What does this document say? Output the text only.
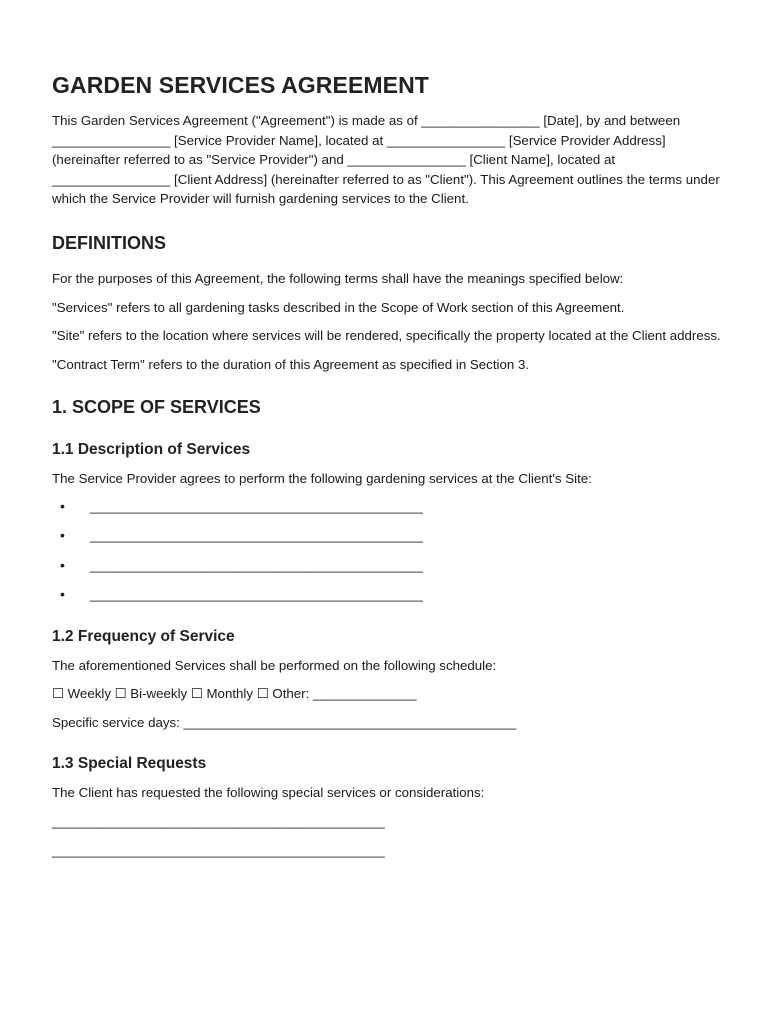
GARDEN SERVICES AGREEMENT

This Garden Services Agreement ("Agreement") is made as of ________________ [Date], by and between ________________ [Service Provider Name], located at ________________ [Service Provider Address] (hereinafter referred to as "Service Provider") and ________________ [Client Name], located at ________________ [Client Address] (hereinafter referred to as "Client"). This Agreement outlines the terms under which the Service Provider will furnish gardening services to the Client.

DEFINITIONS

For the purposes of this Agreement, the following terms shall have the meanings specified below:

"Services" refers to all gardening tasks described in the Scope of Work section of this Agreement.

"Site" refers to the location where services will be rendered, specifically the property located at the Client address.

"Contract Term" refers to the duration of this Agreement as specified in Section 3.

1. SCOPE OF SERVICES
1.1 Description of Services

The Service Provider agrees to perform the following gardening services at the Client's Site:

• _____________________________________________
• _____________________________________________
• _____________________________________________
• _____________________________________________
1.2 Frequency of Service

The aforementioned Services shall be performed on the following schedule:

☐ Weekly ☐ Bi-weekly ☐ Monthly ☐ Other: ______________

Specific service days: _____________________________________________

1.3 Special Requests

The Client has requested the following special services or considerations:

_____________________________________________

_____________________________________________
